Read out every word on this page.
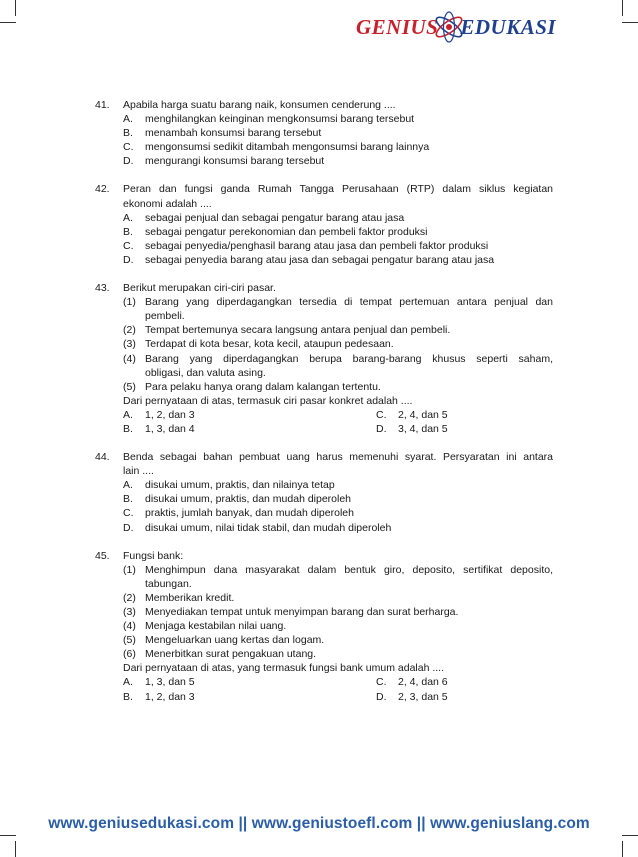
GENIUS EDUKASI
41.	Apabila harga suatu barang naik, konsumen cenderung ....
A.	menghilangkan keinginan mengkonsumsi barang tersebut
B.	menambah konsumsi barang tersebut
C.	mengonsumsi sedikit ditambah mengonsumsi barang lainnya
D.	mengurangi konsumsi barang tersebut
42.	Peran dan fungsi ganda Rumah Tangga Perusahaan (RTP) dalam siklus kegiatan
ekonomi adalah ....
A.	sebagai penjual dan sebagai pengatur barang atau jasa
B.	sebagai pengatur perekonomian dan pembeli faktor produksi
C.	sebagai penyedia/penghasil barang atau jasa dan pembeli faktor produksi
D.	sebagai penyedia barang atau jasa dan sebagai pengatur barang atau jasa
43.	Berikut merupakan ciri-ciri pasar.
(1) Barang yang diperdagangkan tersedia di tempat pertemuan antara penjual dan
pembeli.
(2) Tempat bertemunya secara langsung antara penjual dan pembeli.
(3) Terdapat di kota besar, kota kecil, ataupun pedesaan.
(4) Barang yang diperdagangkan berupa barang-barang khusus seperti saham,
obligasi, dan valuta asing.
(5) Para pelaku hanya orang dalam kalangan tertentu.
Dari pernyataan di atas, termasuk ciri pasar konkret adalah ....
A.	1, 2, dan 3	C.	2, 4, dan 5
B.	1, 3, dan 4	D.	3, 4, dan 5
44.	Benda sebagai bahan pembuat uang harus memenuhi syarat. Persyaratan ini antara
lain ....
A.	disukai umum, praktis, dan nilainya tetap
B.	disukai umum, praktis, dan mudah diperoleh
C.	praktis, jumlah banyak, dan mudah diperoleh
D.	disukai umum, nilai tidak stabil, dan mudah diperoleh
45.	Fungsi bank:
(1) Menghimpun dana masyarakat dalam bentuk giro, deposito, sertifikat deposito,
tabungan.
(2) Memberikan kredit.
(3) Menyediakan tempat untuk menyimpan barang dan surat berharga.
(4) Menjaga kestabilan nilai uang.
(5) Mengeluarkan uang kertas dan logam.
(6) Menerbitkan surat pengakuan utang.
Dari pernyataan di atas, yang termasuk fungsi bank umum adalah ....
A.	1, 3, dan 5	C.	2, 4, dan 6
B.	1, 2, dan 3	D.	2, 3, dan 5
www.geniusedukasi.com || www.geniustoefl.com || www.geniuslang.com
